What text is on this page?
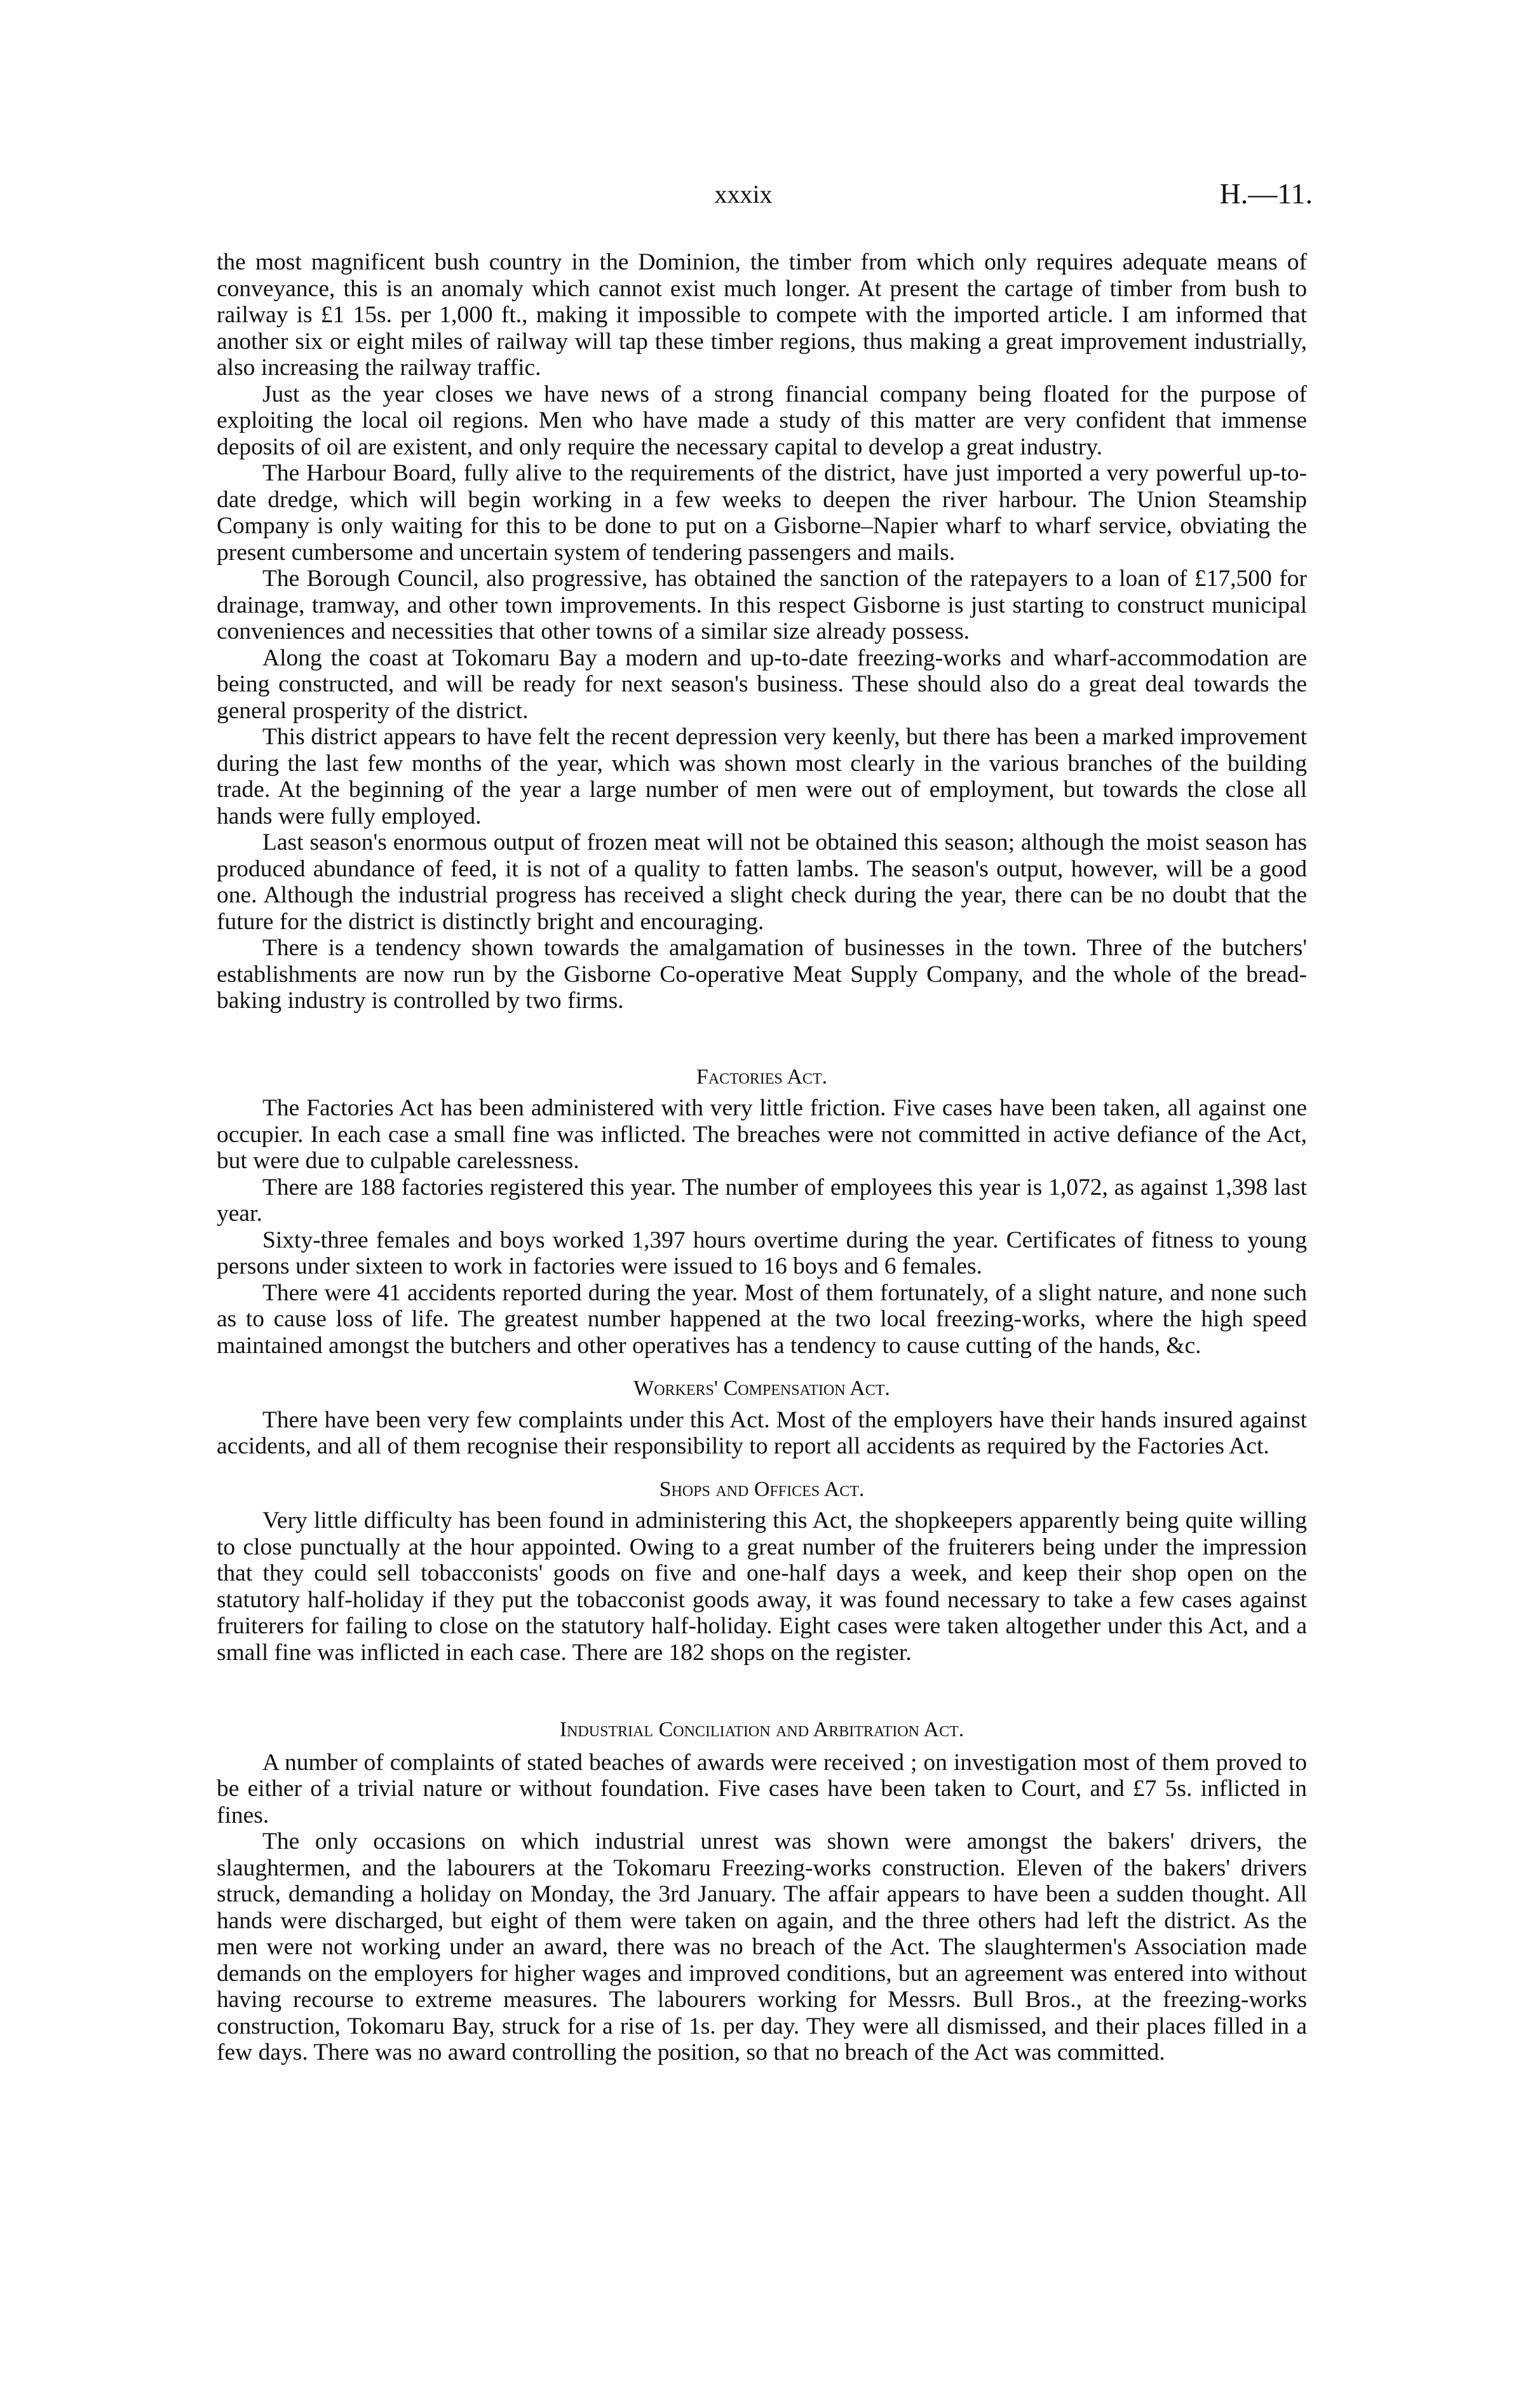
xxxix	H.—11.

the most magnificent bush country in the Dominion, the timber from which only requires adequate means of conveyance, this is an anomaly which cannot exist much longer. At present the cartage of timber from bush to railway is £1 15s. per 1,000 ft., making it impossible to compete with the imported article. I am informed that another six or eight miles of railway will tap these timber regions, thus making a great improvement industrially, also increasing the railway traffic.

Just as the year closes we have news of a strong financial company being floated for the purpose of exploiting the local oil regions. Men who have made a study of this matter are very confident that immense deposits of oil are existent, and only require the necessary capital to develop a great industry.

The Harbour Board, fully alive to the requirements of the district, have just imported a very powerful up-to-date dredge, which will begin working in a few weeks to deepen the river harbour. The Union Steamship Company is only waiting for this to be done to put on a Gisborne–Napier wharf to wharf service, obviating the present cumbersome and uncertain system of tendering passengers and mails.

The Borough Council, also progressive, has obtained the sanction of the ratepayers to a loan of £17,500 for drainage, tramway, and other town improvements. In this respect Gisborne is just starting to construct municipal conveniences and necessities that other towns of a similar size already possess.

Along the coast at Tokomaru Bay a modern and up-to-date freezing-works and wharf-accommodation are being constructed, and will be ready for next season's business. These should also do a great deal towards the general prosperity of the district.

This district appears to have felt the recent depression very keenly, but there has been a marked improvement during the last few months of the year, which was shown most clearly in the various branches of the building trade. At the beginning of the year a large number of men were out of employment, but towards the close all hands were fully employed.

Last season's enormous output of frozen meat will not be obtained this season; although the moist season has produced abundance of feed, it is not of a quality to fatten lambs. The season's output, however, will be a good one. Although the industrial progress has received a slight check during the year, there can be no doubt that the future for the district is distinctly bright and encouraging.

There is a tendency shown towards the amalgamation of businesses in the town. Three of the butchers' establishments are now run by the Gisborne Co-operative Meat Supply Company, and the whole of the bread-baking industry is controlled by two firms.

Factories Act.

The Factories Act has been administered with very little friction. Five cases have been taken, all against one occupier. In each case a small fine was inflicted. The breaches were not committed in active defiance of the Act, but were due to culpable carelessness.

There are 188 factories registered this year. The number of employees this year is 1,072, as against 1,398 last year.

Sixty-three females and boys worked 1,397 hours overtime during the year. Certificates of fitness to young persons under sixteen to work in factories were issued to 16 boys and 6 females.

There were 41 accidents reported during the year. Most of them fortunately, of a slight nature, and none such as to cause loss of life. The greatest number happened at the two local freezing-works, where the high speed maintained amongst the butchers and other operatives has a tendency to cause cutting of the hands, &c.

Workers' Compensation Act.

There have been very few complaints under this Act. Most of the employers have their hands insured against accidents, and all of them recognise their responsibility to report all accidents as required by the Factories Act.

Shops and Offices Act.

Very little difficulty has been found in administering this Act, the shopkeepers apparently being quite willing to close punctually at the hour appointed. Owing to a great number of the fruiterers being under the impression that they could sell tobacconists' goods on five and one-half days a week, and keep their shop open on the statutory half-holiday if they put the tobacconist goods away, it was found necessary to take a few cases against fruiterers for failing to close on the statutory half-holiday. Eight cases were taken altogether under this Act, and a small fine was inflicted in each case. There are 182 shops on the register.

Industrial Conciliation and Arbitration Act.

A number of complaints of stated beaches of awards were received ; on investigation most of them proved to be either of a trivial nature or without foundation. Five cases have been taken to Court, and £7 5s. inflicted in fines.

The only occasions on which industrial unrest was shown were amongst the bakers' drivers, the slaughtermen, and the labourers at the Tokomaru Freezing-works construction. Eleven of the bakers' drivers struck, demanding a holiday on Monday, the 3rd January. The affair appears to have been a sudden thought. All hands were discharged, but eight of them were taken on again, and the three others had left the district. As the men were not working under an award, there was no breach of the Act. The slaughtermen's Association made demands on the employers for higher wages and improved conditions, but an agreement was entered into without having recourse to extreme measures. The labourers working for Messrs. Bull Bros., at the freezing-works construction, Tokomaru Bay, struck for a rise of 1s. per day. They were all dismissed, and their places filled in a few days. There was no award controlling the position, so that no breach of the Act was committed.
